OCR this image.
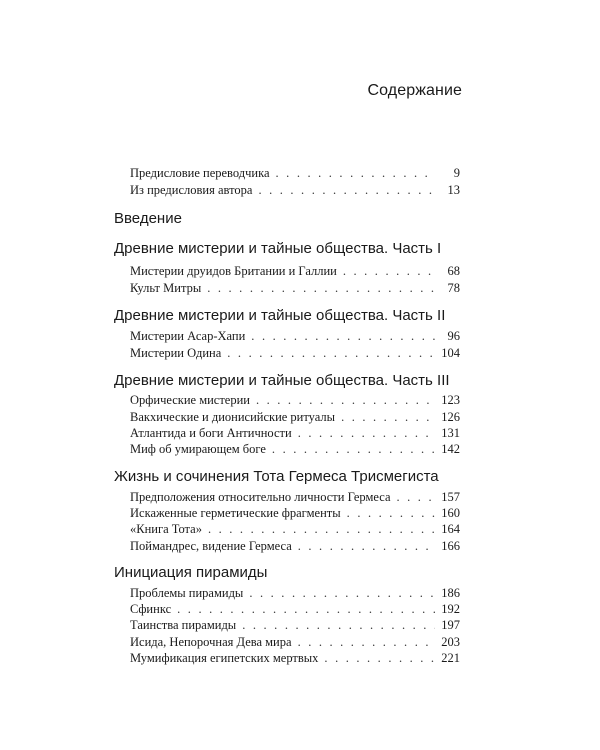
Содержание
Предисловие переводчика . . .	9
Из предисловия автора . . .	13
Введение
Древние мистерии и тайные общества. Часть I
Мистерии друидов Британии и Галлии . . .	68
Культ Митры . . .	78
Древние мистерии и тайные общества. Часть II
Мистерии Асар-Хапи . . .	96
Мистерии Одина . . .	104
Древние мистерии и тайные общества. Часть III
Орфические мистерии . . .	123
Вакхические и дионисийские ритуалы . . .	126
Атлантида и боги Античности . . .	131
Миф об умирающем боге . . .	142
Жизнь и сочинения Тота Гермеса Трисмегиста
Предположения относительно личности Гермеса . . .	157
Искаженные герметические фрагменты . . .	160
«Книга Тота» . . .	164
Поймандрес, видение Гермеса . . .	166
Инициация пирамиды
Проблемы пирамиды . . .	186
Сфинкс . . .	192
Таинства пирамиды . . .	197
Исида, Непорочная Дева мира . . .	203
Мумификация египетских мертвых . . .	221
